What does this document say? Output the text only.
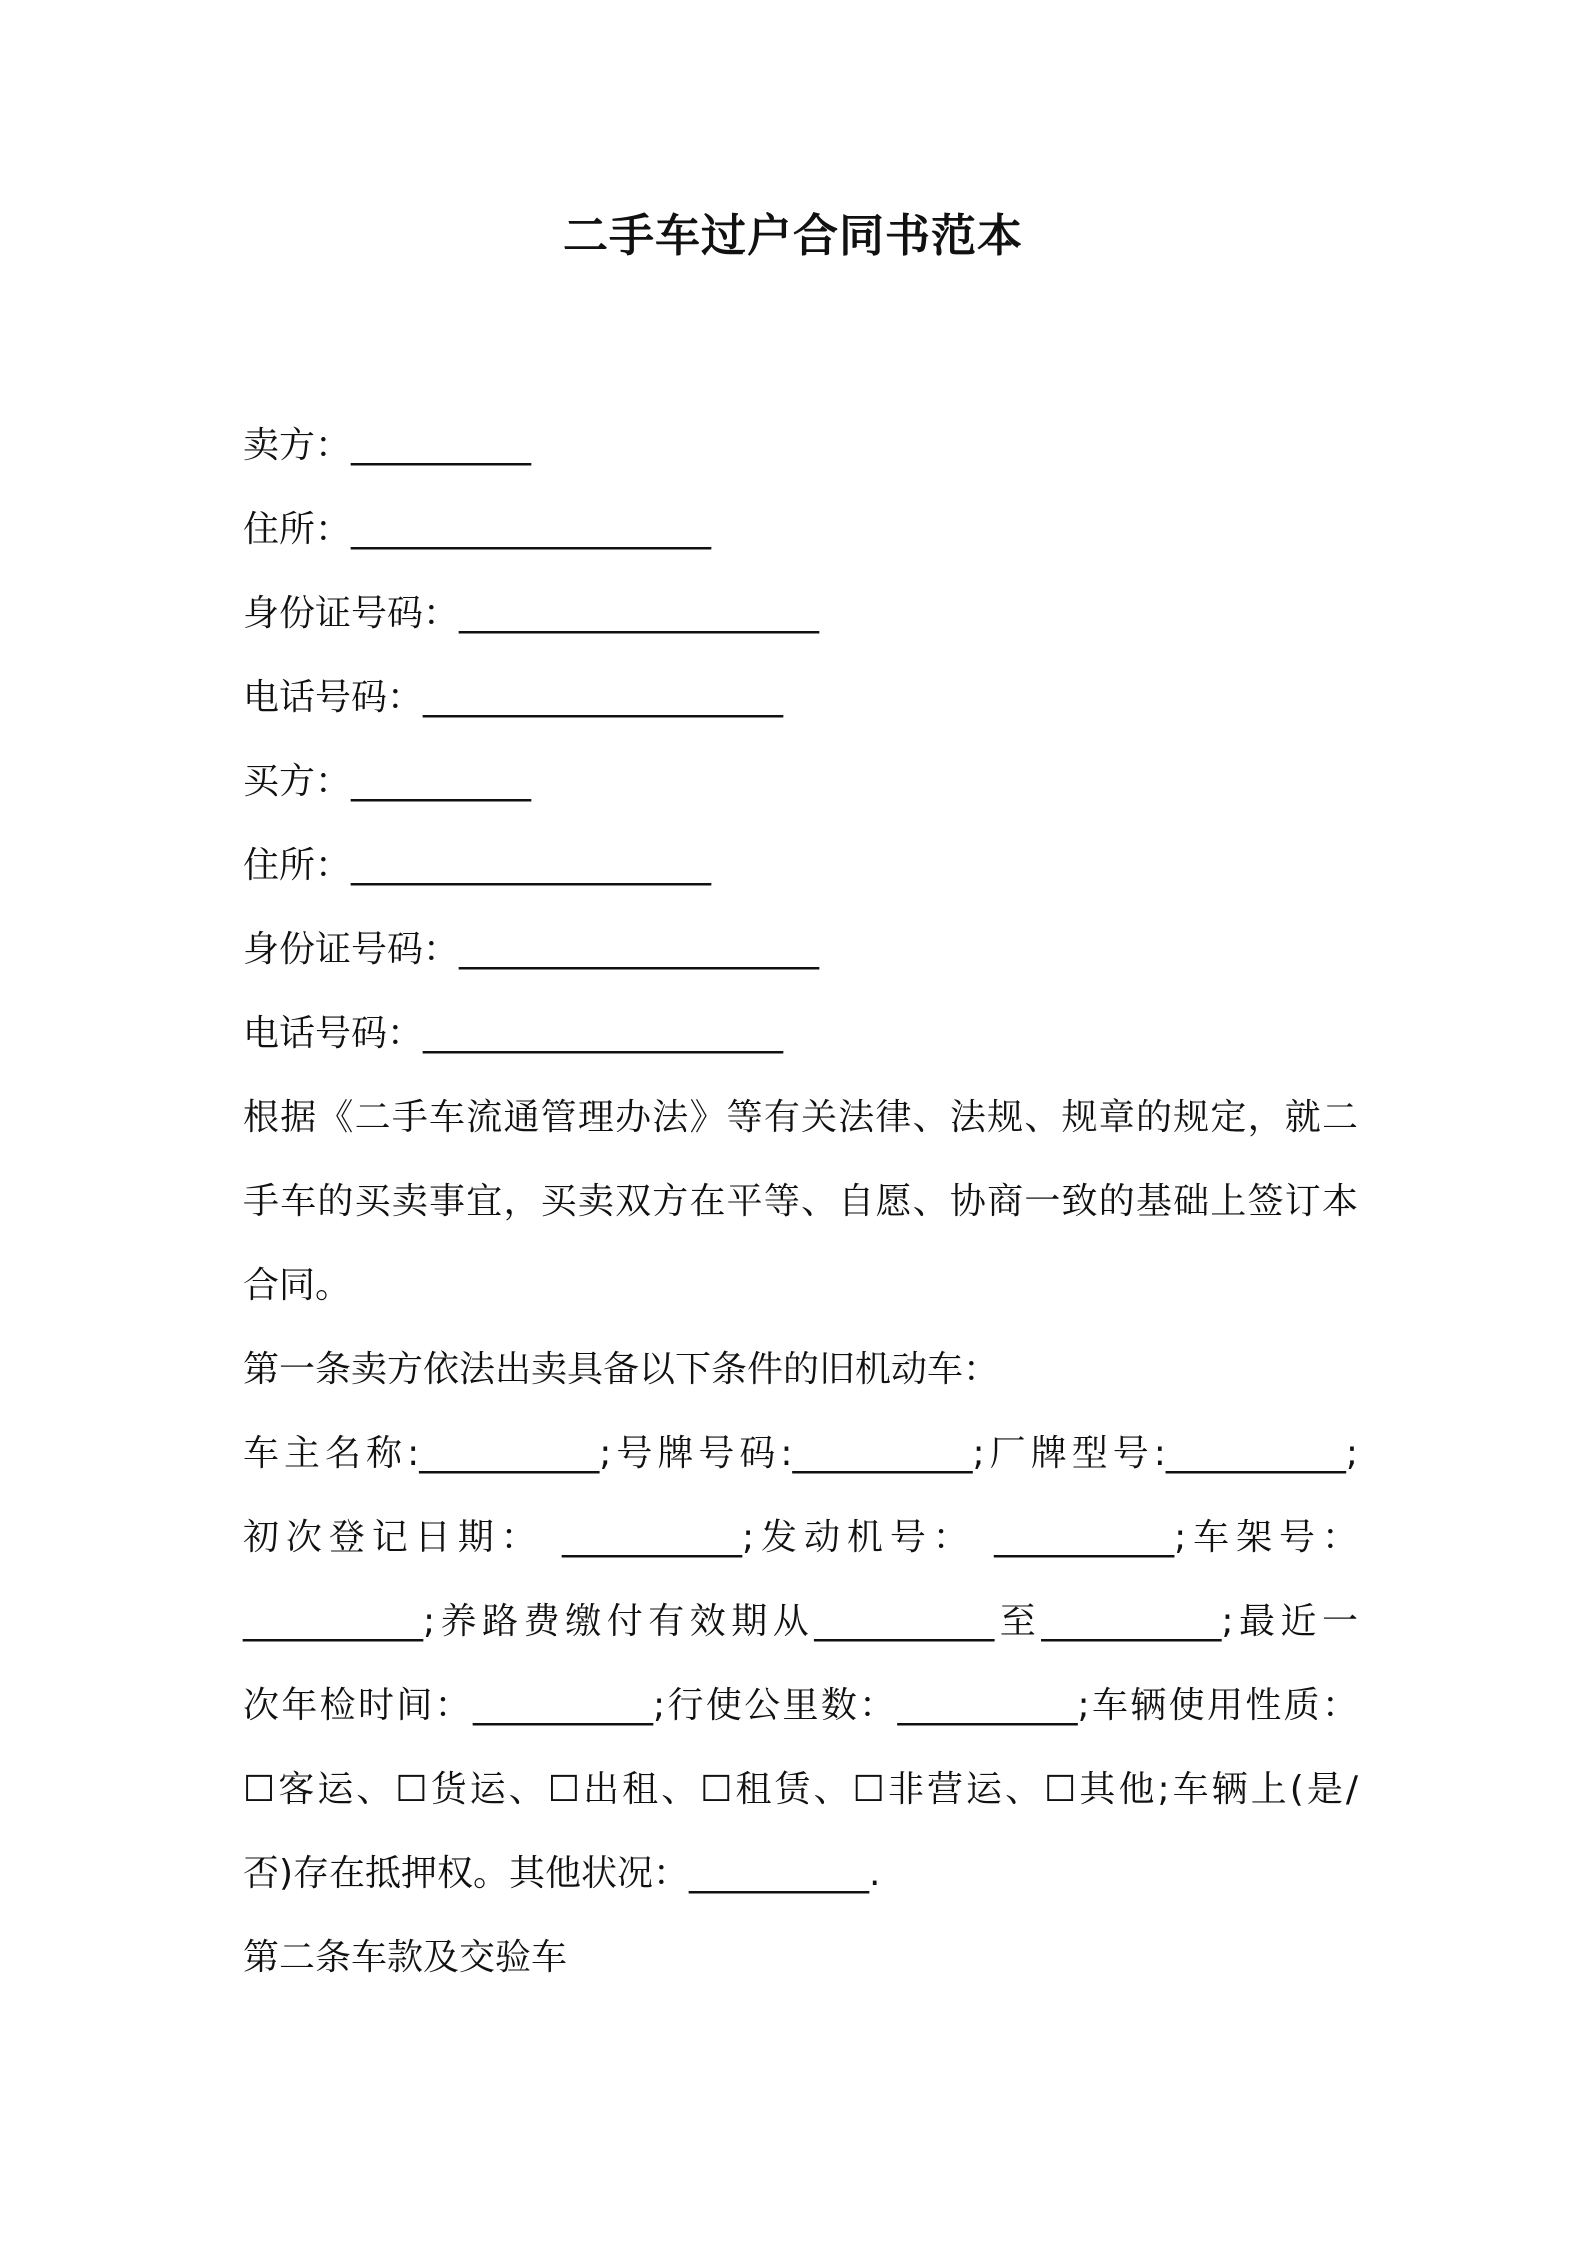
二手车过户合同书范本
卖方：__________
住所：____________________
身份证号码：____________________
电话号码：____________________
买方：__________
住所：____________________
身份证号码：____________________
电话号码：____________________
根据《二手车流通管理办法》等有关法律、法规、规章的规定，就二
手车的买卖事宜，买卖双方在平等、自愿、协商一致的基础上签订本
合同。
第一条卖方依法出卖具备以下条件的旧机动车：
车主名称:__________;号牌号码:__________;厂牌型号:__________;
初次登记日期： __________;发动机号： __________;车架号：
__________;养路费缴付有效期从__________至__________;最近一
次年检时间：__________;行使公里数：__________;车辆使用性质：
☐客运、☐货运、☐出租、☐租赁、☐非营运、☐其他;车辆上(是/
否)存在抵押权。其他状况：__________.
第二条车款及交验车
